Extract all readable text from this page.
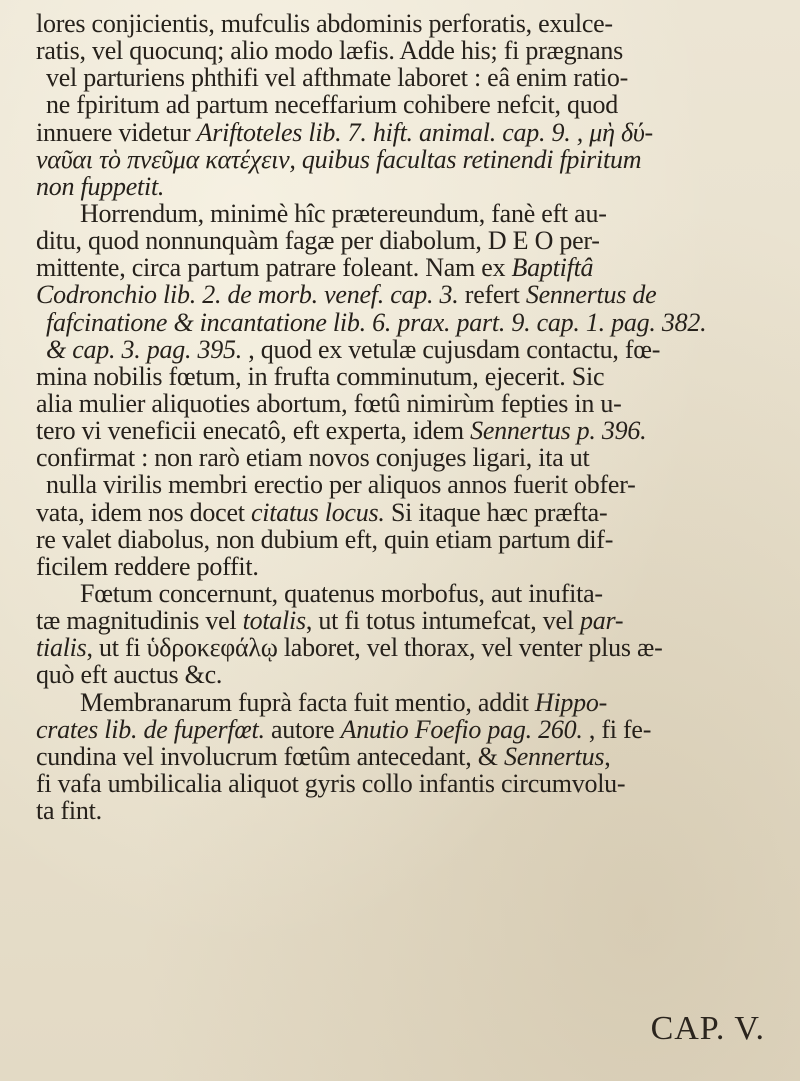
lores conjicientis, mufculis abdominis perforatis, exulce-
ratis, vel quocunq; alio modo læfis. Adde his; fi prægnans
vel parturiens phthifi vel afthmate laboret : eâ enim ratio-
ne fpiritum ad partum neceffarium cohibere nefcit, quod
innuere videtur Ariftoteles lib. 7. hift. animal. cap. 9. , μὴ δύ-
ναῦαι τὸ πνεῦμα κατέχειν, quibus facultas retinendi fpiritum
non fuppetit.
Horrendum, minimè hîc prætereundum, fanè eft au-
ditu, quod nonnunquàm fagæ per diabolum, D E O per-
mittente, circa partum patrare foleant. Nam ex Baptiftâ
Codronchio lib. 2. de morb. venef. cap. 3. refert Sennertus de
fafcinatione & incantatione lib. 6. prax. part. 9. cap. 1. pag. 382.
& cap. 3. pag. 395. , quod ex vetulæ cujusdam contactu, fœ-
mina nobilis fœtum, in frufta comminutum, ejecerit. Sic
alia mulier aliquoties abortum, fœtû nimirùm fepties in u-
tero vi veneficii enecatô, eft experta, idem Sennertus p. 396.
confirmat : non rarò etiam novos conjuges ligari, ita ut
nulla virilis membri erectio per aliquos annos fuerit obfer-
vata, idem nos docet citatus locus. Si itaque hæc præfta-
re valet diabolus, non dubium eft, quin etiam partum dif-
ficilem reddere poffit.
Fœtum concernunt, quatenus morbofus, aut inufita-
tæ magnitudinis vel totalis, ut fi totus intumefcat, vel par-
tialis, ut fi ὑδροκεφάλῳ laboret, vel thorax, vel venter plus æ-
quò eft auctus &c.
Membranarum fuprà facta fuit mentio, addit Hippo-
crates lib. de fuperfœt. autore Anutio Foefio pag. 260. , fi fe-
cundina vel involucrum fœtûm antecedant, & Sennertus,
fi vafa umbilicalia aliquot gyris collo infantis circumvolu-
ta fint.
CAP. V.
